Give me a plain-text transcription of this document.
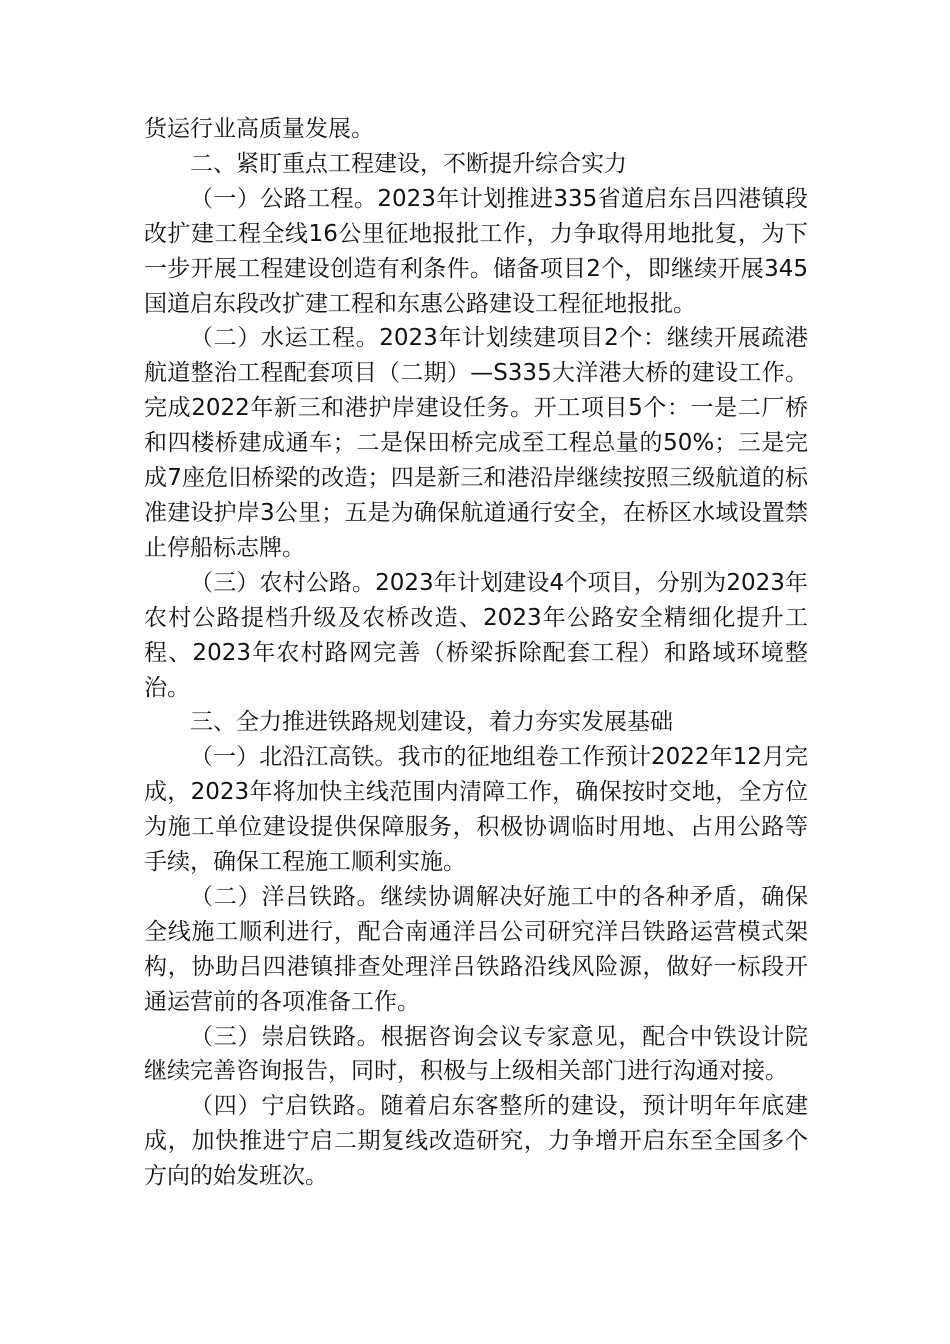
货运行业高质量发展。

二、紧盯重点工程建设，不断提升综合实力

（一）公路工程。2023年计划推进335省道启东吕四港镇段改扩建工程全线16公里征地报批工作，力争取得用地批复，为下一步开展工程建设创造有利条件。储备项目2个，即继续开展345国道启东段改扩建工程和东惠公路建设工程征地报批。

（二）水运工程。2023年计划续建项目2个：继续开展疏港航道整治工程配套项目（二期）—S335大洋港大桥的建设工作。完成2022年新三和港护岸建设任务。开工项目5个：一是二厂桥和四楼桥建成通车；二是保田桥完成至工程总量的50%；三是完成7座危旧桥梁的改造；四是新三和港沿岸继续按照三级航道的标准建设护岸3公里；五是为确保航道通行安全，在桥区水域设置禁止停船标志牌。

（三）农村公路。2023年计划建设4个项目，分别为2023年农村公路提档升级及农桥改造、2023年公路安全精细化提升工程、2023年农村路网完善（桥梁拆除配套工程）和路域环境整治。

三、全力推进铁路规划建设，着力夯实发展基础

（一）北沿江高铁。我市的征地组卷工作预计2022年12月完成，2023年将加快主线范围内清障工作，确保按时交地，全方位为施工单位建设提供保障服务，积极协调临时用地、占用公路等手续，确保工程施工顺利实施。

（二）洋吕铁路。继续协调解决好施工中的各种矛盾，确保全线施工顺利进行，配合南通洋吕公司研究洋吕铁路运营模式架构，协助吕四港镇排查处理洋吕铁路沿线风险源，做好一标段开通运营前的各项准备工作。

（三）崇启铁路。根据咨询会议专家意见，配合中铁设计院继续完善咨询报告，同时，积极与上级相关部门进行沟通对接。

（四）宁启铁路。随着启东客整所的建设，预计明年年底建成，加快推进宁启二期复线改造研究，力争增开启东至全国多个方向的始发班次。
